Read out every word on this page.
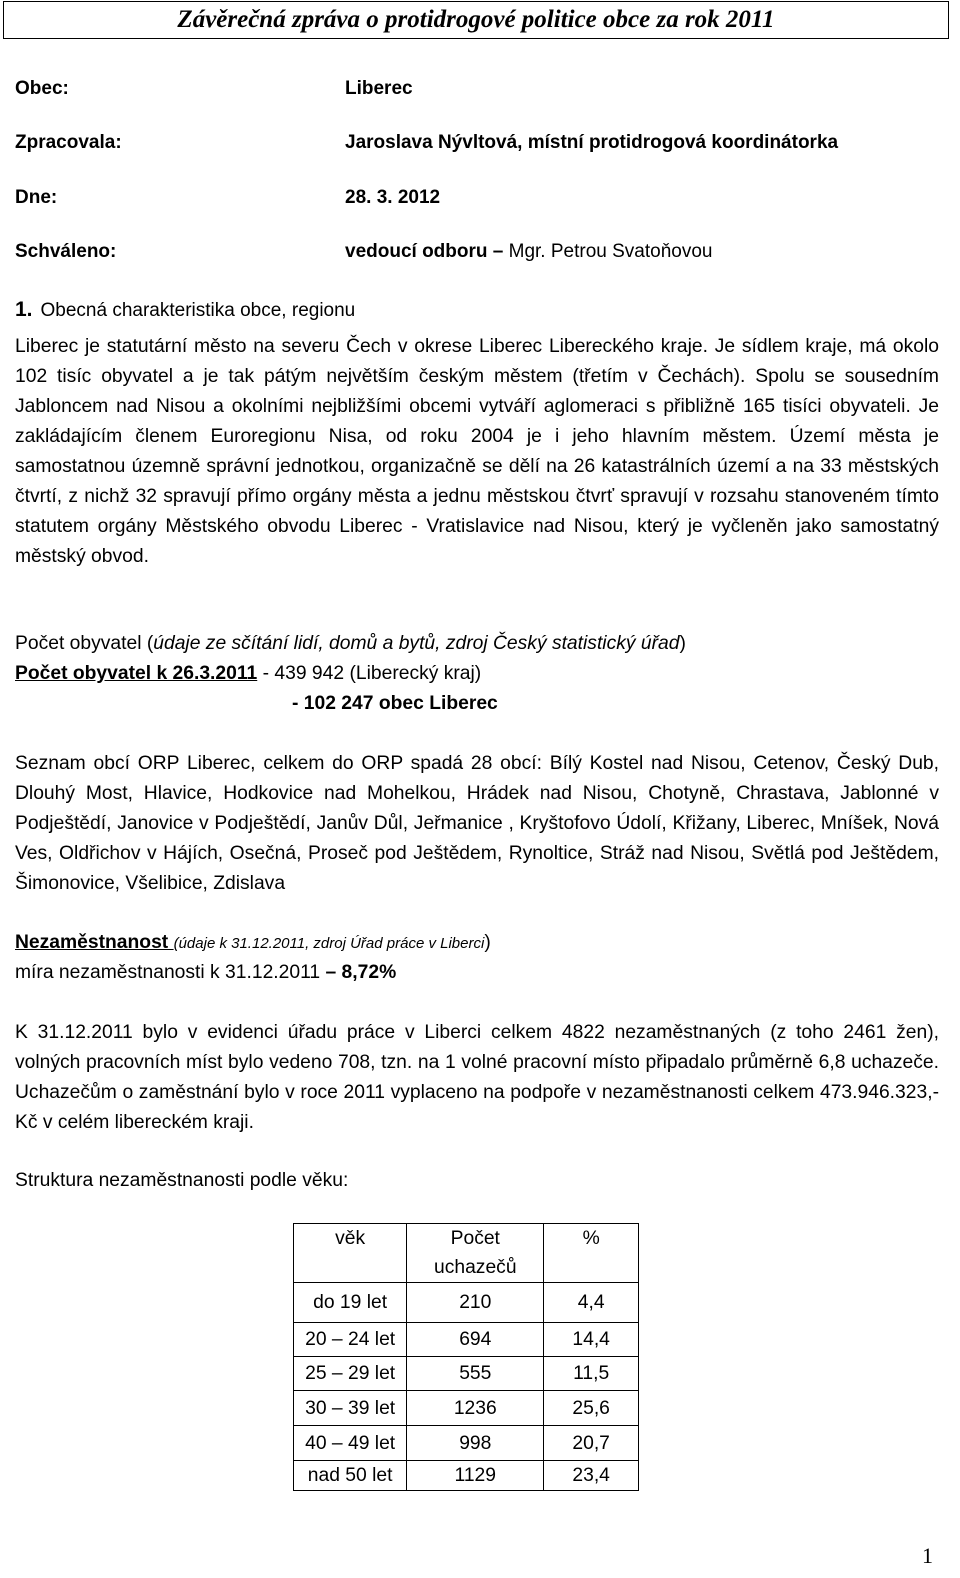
Závěrečná zpráva o protidrogové politice obce za rok 2011
Obec:	Liberec
Zpracovala:	Jaroslava Nývltová, místní protidrogová koordinátorka
Dne:	28. 3. 2012
Schváleno:	vedoucí odboru – Mgr. Petrou Svatoňovou
1. Obecná charakteristika obce, regionu
Liberec je statutární město na severu Čech v okrese Liberec Libereckého kraje. Je sídlem kraje, má okolo 102 tisíc obyvatel a je tak pátým největším českým městem (třetím v Čechách). Spolu se sousedním Jabloncem nad Nisou a okolními nejbližšími obcemi vytváří aglomeraci s přibližně 165 tisíci obyvateli. Je zakládajícím členem Euroregionu Nisa, od roku 2004 je i jeho hlavním městem. Území města je samostatnou územně správní jednotkou, organizačně se dělí na 26 katastrálních území a na 33 městských čtvrtí, z nichž 32 spravují přímo orgány města a jednu městskou čtvrť spravují v rozsahu stanoveném tímto statutem orgány Městského obvodu Liberec - Vratislavice nad Nisou, který je vyčleněn jako samostatný městský obvod.
Počet obyvatel (údaje ze sčítání lidí, domů a bytů, zdroj Český statistický úřad)
Počet obyvatel k 26.3.2011 - 439 942 (Liberecký kraj)
- 102 247 obec Liberec
Seznam obcí ORP Liberec, celkem do ORP spadá 28 obcí: Bílý Kostel nad Nisou, Cetenov, Český Dub, Dlouhý Most, Hlavice, Hodkovice nad Mohelkou, Hrádek nad Nisou, Chotyně, Chrastava, Jablonné v Podještědí, Janovice v Podještědí, Janův Důl, Jeřmanice , Kryštofovo Údolí, Křižany, Liberec, Mníšek, Nová Ves, Oldřichov v Hájích, Osečná, Proseč pod Ještědem, Rynoltice, Stráž nad Nisou, Světlá pod Ještědem, Šimonovice, Všelibice, Zdislava
Nezaměstnanost (údaje k 31.12.2011, zdroj Úřad práce v Liberci)
míra nezaměstnanosti k 31.12.2011 – 8,72%
K 31.12.2011 bylo v evidenci úřadu práce v Liberci celkem 4822 nezaměstnaných (z toho 2461 žen), volných pracovních míst bylo vedeno 708, tzn. na 1 volné pracovní místo připadalo průměrně 6,8 uchazeče. Uchazečům o zaměstnání bylo v roce 2011 vyplaceno na podpoře v nezaměstnanosti celkem 473.946.323,-Kč v celém libereckém kraji.
Struktura nezaměstnanosti podle věku:
věk	Počet uchazečů	%
do 19 let	210	4,4
20 – 24 let	694	14,4
25 – 29 let	555	11,5
30 – 39 let	1236	25,6
40 – 49 let	998	20,7
nad 50 let	1129	23,4
1
